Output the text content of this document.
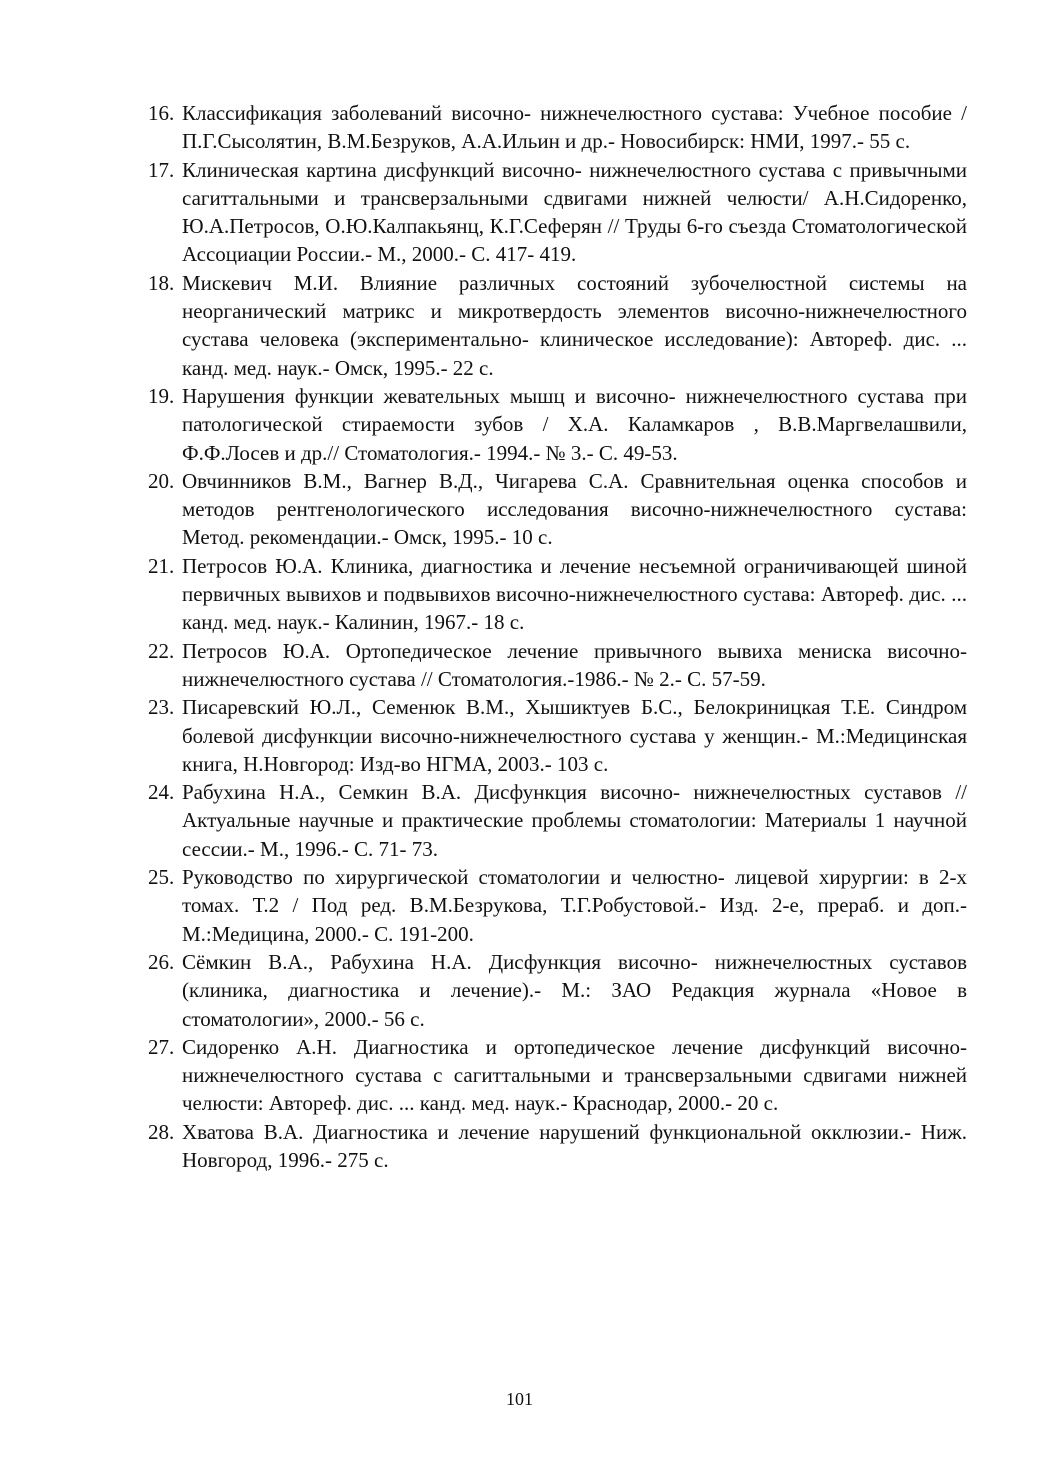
16. Классификация заболеваний височно- нижнечелюстного сустава: Учебное пособие / П.Г.Сысолятин, В.М.Безруков, А.А.Ильин и др.- Новосибирск: НМИ, 1997.- 55 с.
17. Клиническая картина дисфункций височно- нижнечелюстного сустава с привычными сагиттальными и трансверзальными сдвигами нижней челюсти/ А.Н.Сидоренко, Ю.А.Петросов, О.Ю.Калпакьянц, К.Г.Сеферян // Труды 6-го съезда Стоматологической Ассоциации России.- М., 2000.- С. 417- 419.
18. Мискевич М.И. Влияние различных состояний зубочелюстной системы на неорганический матрикс и микротвердость элементов височно-нижнечелюстного сустава человека (экспериментально- клиническое исследование): Автореф. дис. ... канд. мед. наук.- Омск, 1995.- 22 с.
19. Нарушения функции жевательных мышц и височно- нижнечелюстного сустава при патологической стираемости зубов / Х.А. Каламкаров , В.В.Маргвелашвили, Ф.Ф.Лосев и др.// Стоматология.- 1994.- № 3.- С. 49-53.
20. Овчинников В.М., Вагнер В.Д., Чигарева С.А. Сравнительная оценка способов и методов рентгенологического исследования височно-нижнечелюстного сустава: Метод. рекомендации.- Омск, 1995.- 10 с.
21. Петросов Ю.А. Клиника, диагностика и лечение несъемной ограничивающей шиной первичных вывихов и подвывихов височно-нижнечелюстного сустава: Автореф. дис. ... канд. мед. наук.- Калинин, 1967.- 18 с.
22. Петросов Ю.А. Ортопедическое лечение привычного вывиха мениска височно- нижнечелюстного сустава // Стоматология.-1986.- № 2.- С. 57-59.
23. Писаревский Ю.Л., Семенюк В.М., Хышиктуев Б.С., Белокриницкая Т.Е. Синдром болевой дисфункции височно-нижнечелюстного сустава у женщин.- М.:Медицинская книга, Н.Новгород: Изд-во НГМА, 2003.- 103 с.
24. Рабухина Н.А., Семкин В.А. Дисфункция височно- нижнечелюстных суставов // Актуальные научные и практические проблемы стоматологии: Материалы 1 научной сессии.- М., 1996.- С. 71- 73.
25. Руководство по хирургической стоматологии и челюстно- лицевой хирургии: в 2-х томах. Т.2 / Под ред. В.М.Безрукова, Т.Г.Робустовой.- Изд. 2-е, прераб. и доп.- М.:Медицина, 2000.- С. 191-200.
26. Сёмкин В.А., Рабухина Н.А. Дисфункция височно- нижнечелюстных суставов (клиника, диагностика и лечение).- М.: ЗАО Редакция журнала «Новое в стоматологии», 2000.- 56 с.
27. Сидоренко А.Н. Диагностика и ортопедическое лечение дисфункций височно- нижнечелюстного сустава с сагиттальными и трансверзальными сдвигами нижней челюсти: Автореф. дис. ... канд. мед. наук.- Краснодар, 2000.- 20 с.
28. Хватова В.А. Диагностика и лечение нарушений функциональной окклюзии.- Ниж. Новгород, 1996.- 275 с.
101
